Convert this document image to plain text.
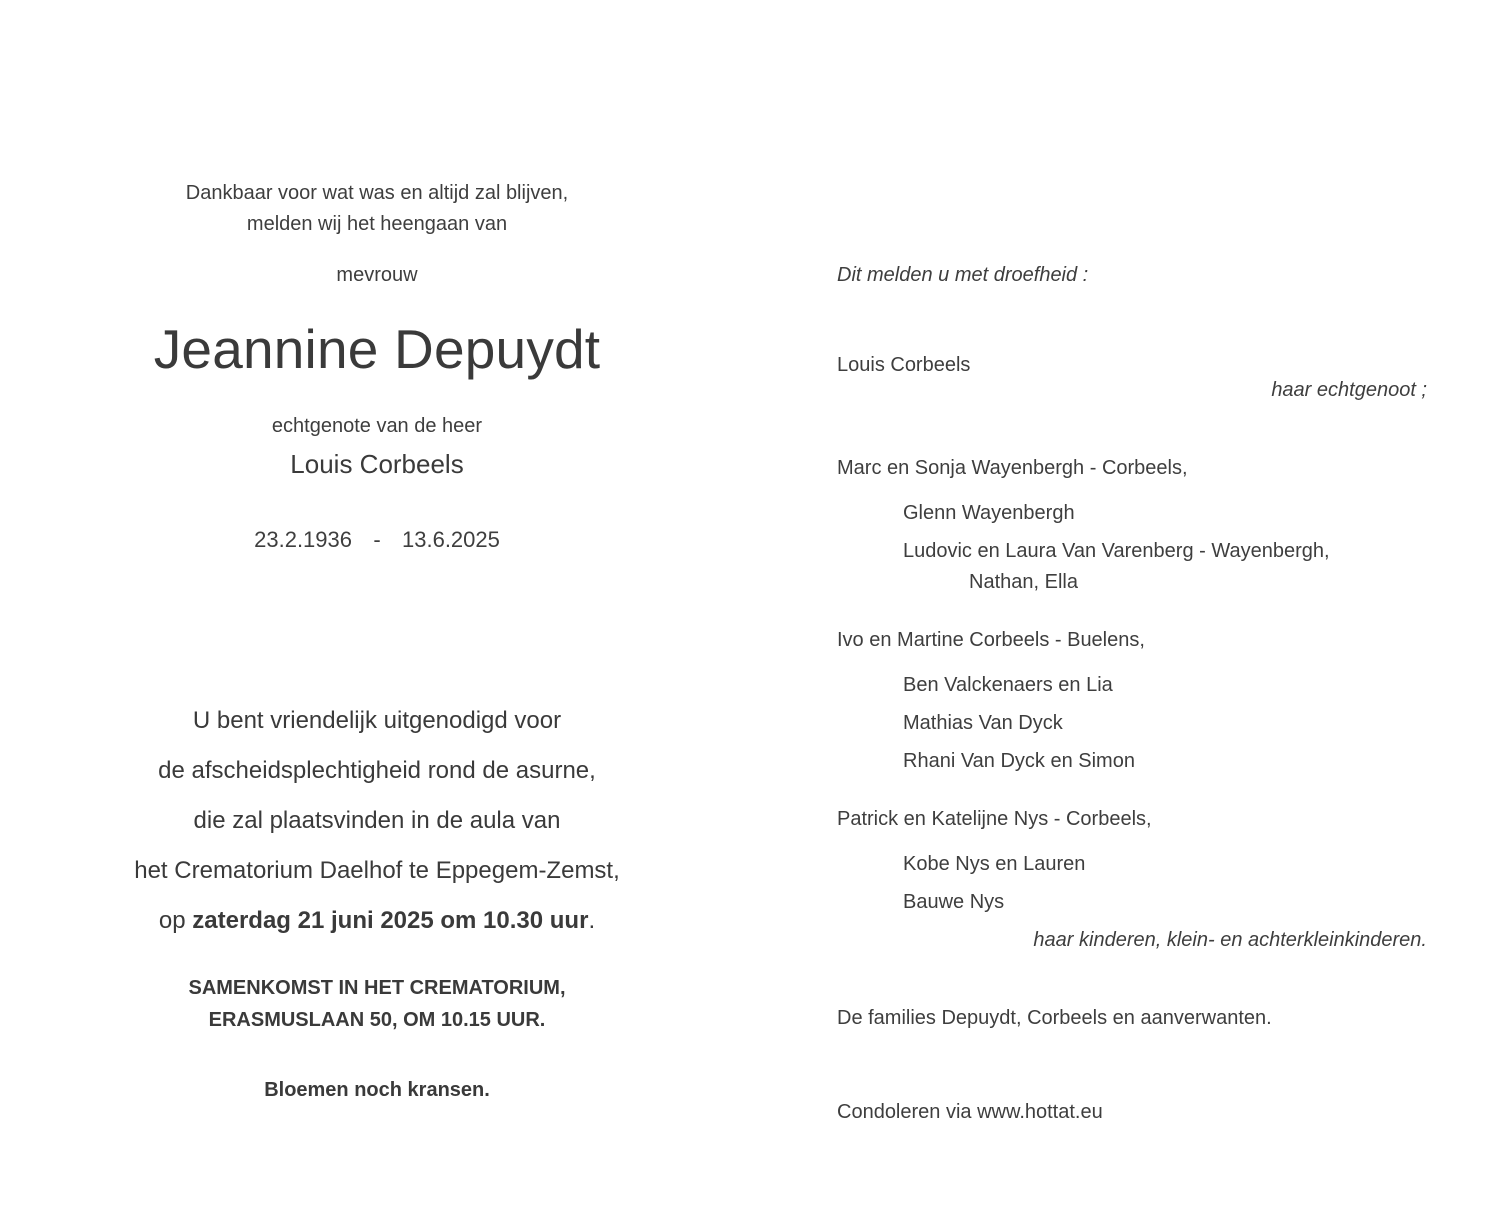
Dankbaar voor wat was en altijd zal blijven,
melden wij het heengaan van
mevrouw
Jeannine Depuydt
echtgenote van de heer
Louis Corbeels
23.2.1936 - 13.6.2025
U bent vriendelijk uitgenodigd voor
de afscheidsplechtigheid rond de asurne,
die zal plaatsvinden in de aula van
het Crematorium Daelhof te Eppegem-Zemst,
op zaterdag 21 juni 2025 om 10.30 uur.
SAMENKOMST IN HET CREMATORIUM,
ERASMUSLAAN 50, OM 10.15 UUR.
Bloemen noch kransen.
Dit melden u met droefheid :
Louis Corbeels
haar echtgenoot ;
Marc en Sonja Wayenbergh - Corbeels,
Glenn Wayenbergh
Ludovic en Laura Van Varenberg - Wayenbergh,
Nathan, Ella
Ivo en Martine Corbeels - Buelens,
Ben Valckenaers en Lia
Mathias Van Dyck
Rhani Van Dyck en Simon
Patrick en Katelijne Nys - Corbeels,
Kobe Nys en Lauren
Bauwe Nys
haar kinderen, klein- en achterkleinkinderen.
De families Depuydt, Corbeels en aanverwanten.
Condoleren via www.hottat.eu
